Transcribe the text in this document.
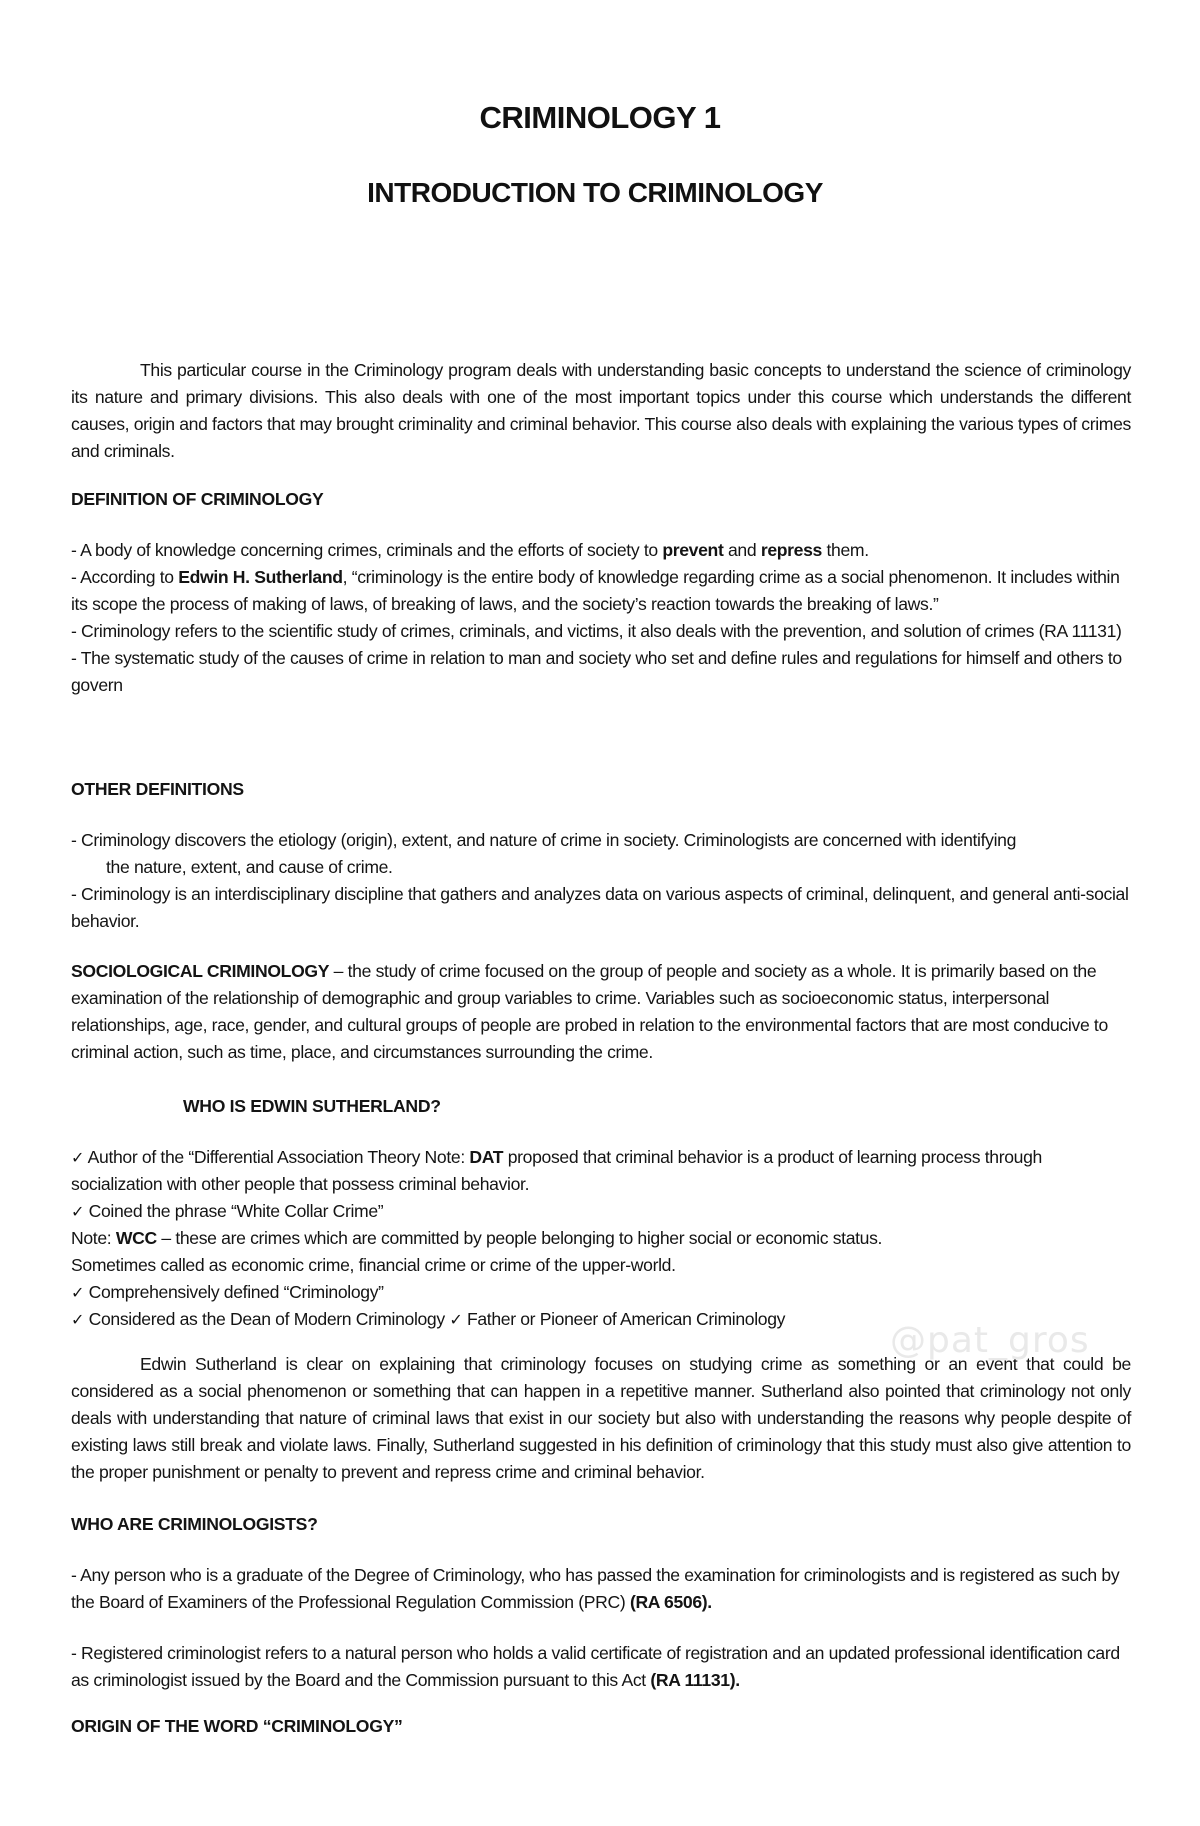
CRIMINOLOGY 1
INTRODUCTION TO CRIMINOLOGY

This particular course in the Criminology program deals with understanding basic concepts to understand the science of criminology its nature and primary divisions. This also deals with one of the most important topics under this course which understands the different causes, origin and factors that may brought criminality and criminal behavior. This course also deals with explaining the various types of crimes and criminals.

DEFINITION OF CRIMINOLOGY

- A body of knowledge concerning crimes, criminals and the efforts of society to prevent and repress them.

- According to Edwin H. Sutherland, “criminology is the entire body of knowledge regarding crime as a social phenomenon. It includes within its scope the process of making of laws, of breaking of laws, and the society’s reaction towards the breaking of laws.”

- Criminology refers to the scientific study of crimes, criminals, and victims, it also deals with the prevention, and solution of crimes (RA 11131)

- The systematic study of the causes of crime in relation to man and society who set and define rules and regulations for himself and others to govern

OTHER DEFINITIONS

- Criminology discovers the etiology (origin), extent, and nature of crime in society. Criminologists are concerned with identifying

the nature, extent, and cause of crime.

- Criminology is an interdisciplinary discipline that gathers and analyzes data on various aspects of criminal, delinquent, and general anti-social behavior.

SOCIOLOGICAL CRIMINOLOGY – the study of crime focused on the group of people and society as a whole. It is primarily based on the examination of the relationship of demographic and group variables to crime. Variables such as socioeconomic status, interpersonal relationships, age, race, gender, and cultural groups of people are probed in relation to the environmental factors that are most conducive to criminal action, such as time, place, and circumstances surrounding the crime.

WHO IS EDWIN SUTHERLAND?

✓ Author of the “Differential Association Theory Note: DAT proposed that criminal behavior is a product of learning process through socialization with other people that possess criminal behavior.

✓ Coined the phrase “White Collar Crime”

Note: WCC – these are crimes which are committed by people belonging to higher social or economic status.

Sometimes called as economic crime, financial crime or crime of the upper-world.

✓ Comprehensively defined “Criminology”

✓ Considered as the Dean of Modern Criminology ✓ Father or Pioneer of American Criminology

Edwin Sutherland is clear on explaining that criminology focuses on studying crime as something or an event that could be considered as a social phenomenon or something that can happen in a repetitive manner. Sutherland also pointed that criminology not only deals with understanding that nature of criminal laws that exist in our society but also with understanding the reasons why people despite of existing laws still break and violate laws. Finally, Sutherland suggested in his definition of criminology that this study must also give attention to the proper punishment or penalty to prevent and repress crime and criminal behavior.

WHO ARE CRIMINOLOGISTS?

- Any person who is a graduate of the Degree of Criminology, who has passed the examination for criminologists and is registered as such by the Board of Examiners of the Professional Regulation Commission (PRC) (RA 6506).

- Registered criminologist refers to a natural person who holds a valid certificate of registration and an updated professional identification card as criminologist issued by the Board and the Commission pursuant to this Act (RA 11131).

ORIGIN OF THE WORD “CRIMINOLOGY”

@pat_gros
